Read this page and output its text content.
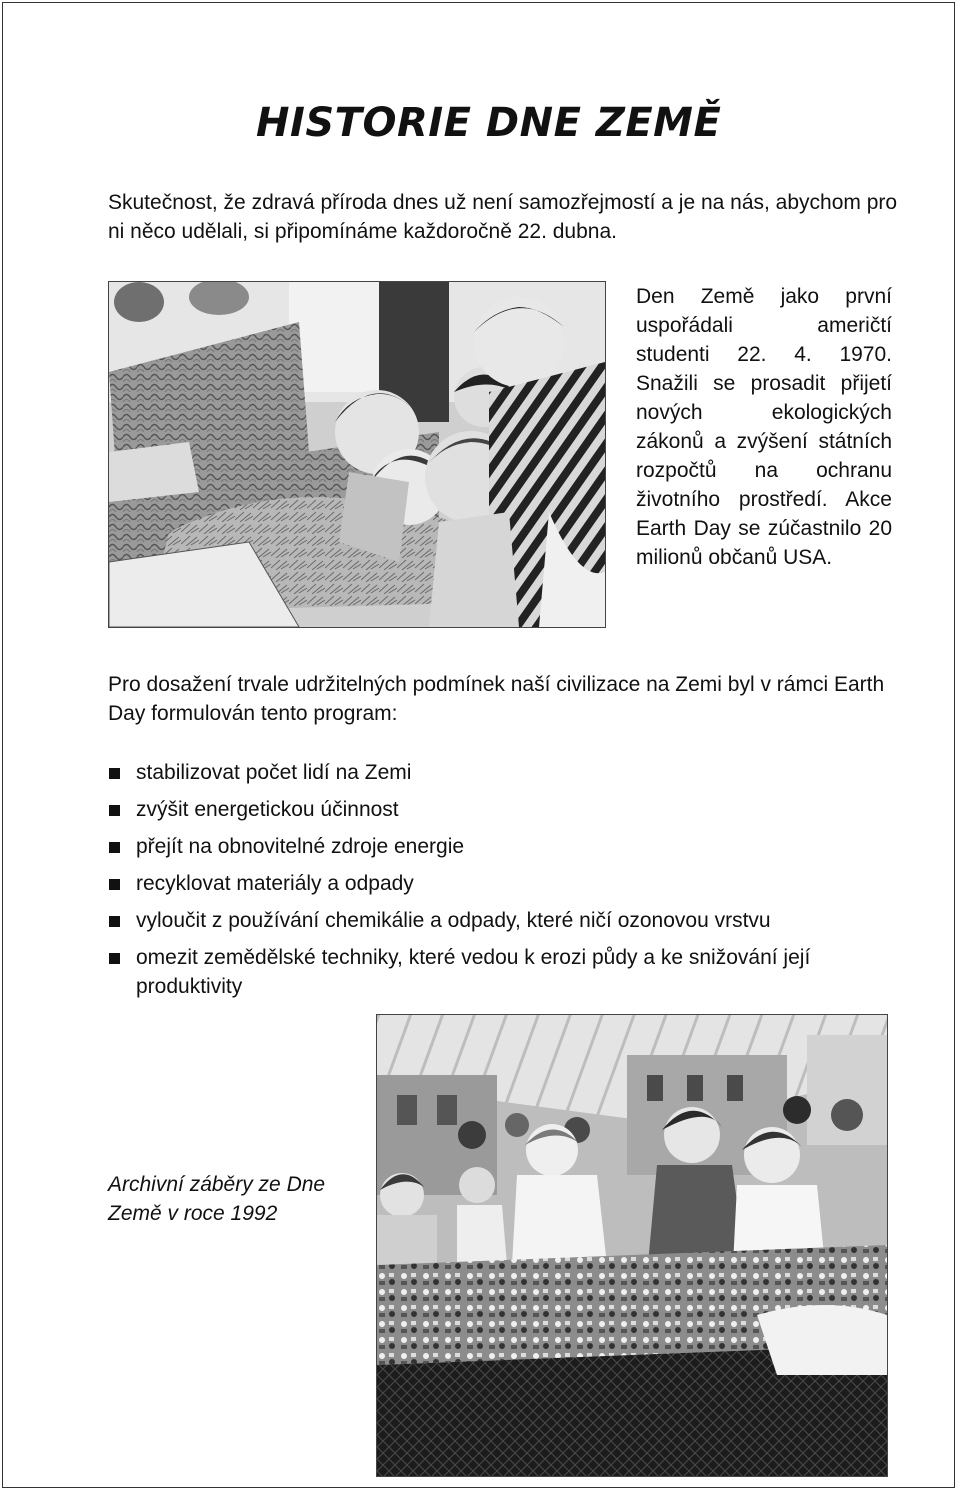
HISTORIE DNE ZEMĚ

Skutečnost, že zdravá příroda dnes už není samozřejmostí a je na nás, abychom pro ni něco udělali, si připomínáme každoročně 22. dubna.

Den Země jako první uspořádali američtí studenti 22. 4. 1970. Snažili se prosadit přijetí nových ekologických zákonů a zvýšení státních rozpočtů na ochranu životního prostředí. Akce Earth Day se zúčastnilo 20 milionů občanů USA.

Pro dosažení trvale udržitelných podmínek naší civilizace na Zemi byl v rámci Earth Day formulován tento program:

stabilizovat počet lidí na Zemi
zvýšit energetickou účinnost
přejít na obnovitelné zdroje energie
recyklovat materiály a odpady
vyloučit z používání chemikálie a odpady, které ničí ozonovou vrstvu
omezit zemědělské techniky, které vedou k erozi půdy a ke snižování její produktivity

Archivní záběry ze Dne Země v roce 1992
